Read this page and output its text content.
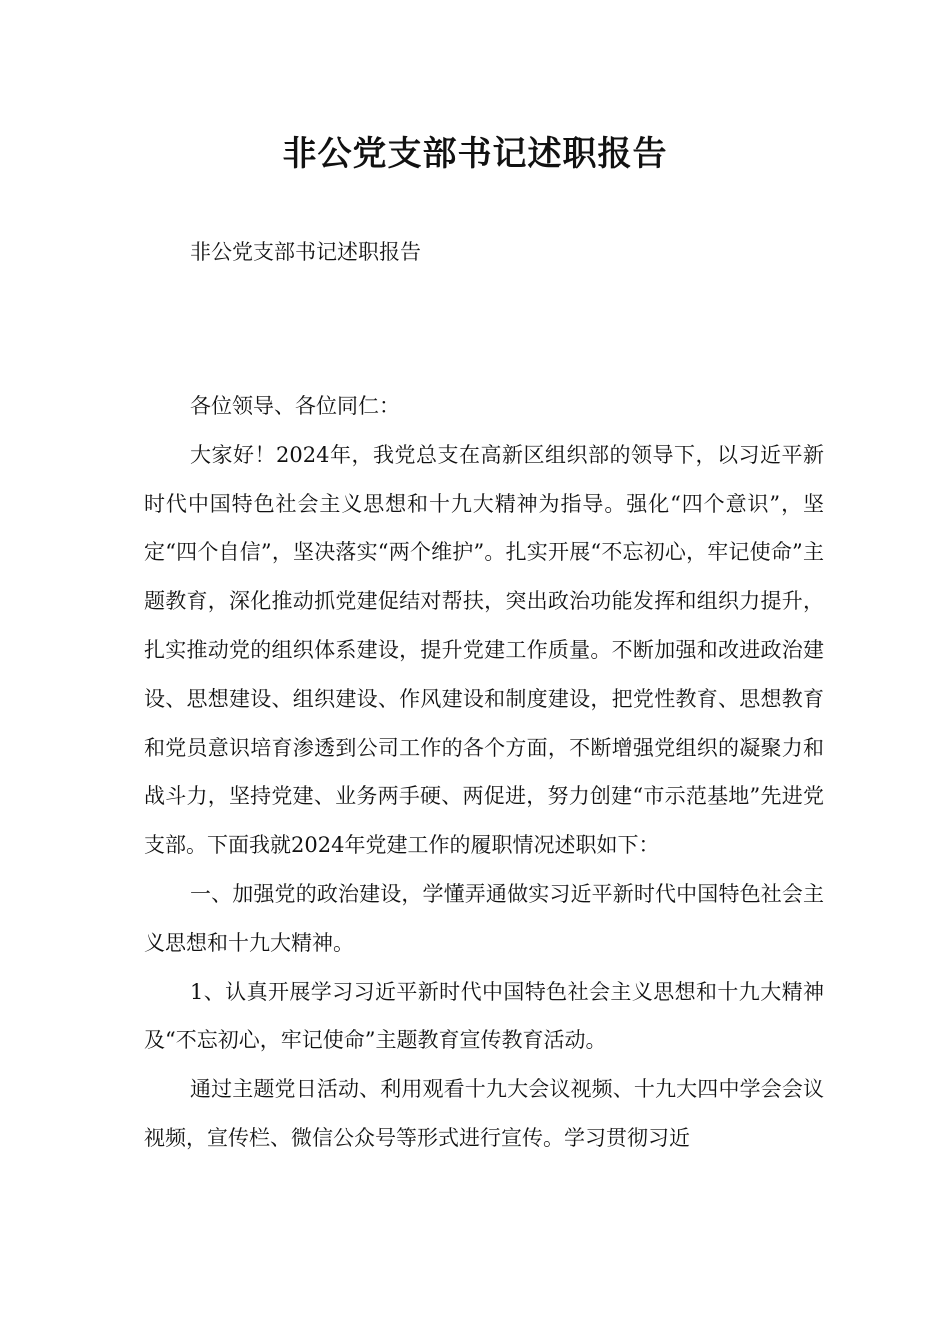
非公党支部书记述职报告

非公党支部书记述职报告

各位领导、各位同仁：

大家好！2024年，我党总支在高新区组织部的领导下，以习近平新时代中国特色社会主义思想和十九大精神为指导。强化“四个意识”，坚定“四个自信”，坚决落实“两个维护”。扎实开展“不忘初心，牢记使命”主题教育，深化推动抓党建促结对帮扶，突出政治功能发挥和组织力提升，扎实推动党的组织体系建设，提升党建工作质量。不断加强和改进政治建设、思想建设、组织建设、作风建设和制度建设，把党性教育、思想教育和党员意识培育渗透到公司工作的各个方面，不断增强党组织的凝聚力和战斗力，坚持党建、业务两手硬、两促进，努力创建“市示范基地”先进党支部。下面我就2024年党建工作的履职情况述职如下：

一、加强党的政治建设，学懂弄通做实习近平新时代中国特色社会主义思想和十九大精神。

1、认真开展学习习近平新时代中国特色社会主义思想和十九大精神及“不忘初心，牢记使命”主题教育宣传教育活动。

通过主题党日活动、利用观看十九大会议视频、十九大四中学会会议视频，宣传栏、微信公众号等形式进行宣传。学习贯彻习近
